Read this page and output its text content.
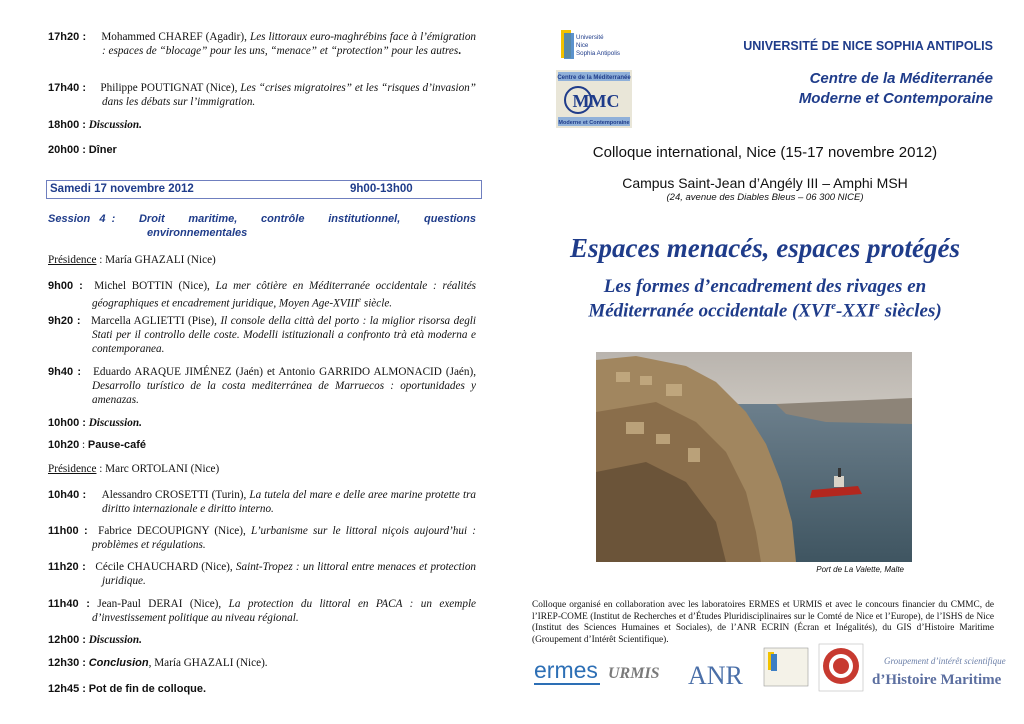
17h20 : Mohammed CHAREF (Agadir), Les littoraux euro-maghrébins face à l’émigration : espaces de “blocage” pour les uns, “menace” et “protection” pour les autres.
17h40 : Philippe POUTIGNAT (Nice), Les “crises migratoires” et les “risques d’invasion” dans les débats sur l’immigration.
18h00 : Discussion.
20h00 : Dîner
Samedi 17 novembre 2012	9h00-13h00
Session   4  : Droit maritime, contrôle institutionnel, questions
environnementales
Présidence : María GHAZALI (Nice)
9h00 : Michel BOTTIN (Nice), La mer côtière en Méditerranée occidentale : réalités géographiques et encadrement juridique, Moyen Age-XVIIIe siècle.
9h20 : Marcella AGLIETTI (Pise), Il console della città del porto : la miglior risorsa degli Stati per il controllo delle coste. Modelli istituzionali a confronto trà età moderna e contemporanea.
9h40 : Eduardo ARAQUE JIMÉNEZ (Jaén) et Antonio GARRIDO ALMONACID (Jaén), Desarrollo turístico de la costa mediterránea de Marruecos : oportunidades y amenazas.
10h00 : Discussion.
10h20 : Pause-café
Présidence : Marc ORTOLANI (Nice)
10h40 : Alessandro CROSETTI (Turin), La tutela del mare e delle aree marine protette tra diritto internazionale e diritto interno.
11h00 : Fabrice DECOUPIGNY (Nice), L’urbanisme sur le littoral niçois aujourd’hui : problèmes et régulations.
11h20 : Cécile CHAUCHARD (Nice), Saint-Tropez : un littoral entre menaces et protection juridique.
11h40 : Jean-Paul DERAI (Nice), La protection du littoral en PACA : un exemple d’investissement politique au niveau régional.
12h00 : Discussion.
12h30 : Conclusion, María GHAZALI (Nice).
12h45 : Pot de fin de colloque.
Université
Nice
Sophia Antipolis
Centre de la Méditerranée
MMC
Moderne et Contemporaine
UNIVERSITÉ DE NICE SOPHIA ANTIPOLIS
Centre de la Méditerranée
Moderne et Contemporaine
Colloque international, Nice (15-17 novembre 2012)
Campus Saint-Jean d’Angély III – Amphi MSH
(24, avenue des Diables Bleus – 06 300 NICE)
Espaces menacés, espaces protégés
Les formes d’encadrement des rivages en
Méditerranée occidentale (XVIe-XXIe siècles)
Port de La Valette, Malte
Colloque organisé en collaboration avec les laboratoires ERMES et URMIS et avec le concours financier du CMMC, de l’IREP-COME (Institut de Recherches et d’Études Pluridisciplinaires sur le Comté de Nice et l’Europe), de l’ISHS de Nice (Institut des Sciences Humaines et Sociales), de l’ANR ECRIN (Écran et Inégalités), du GIS d’Histoire Maritime (Groupement d’Intérêt Scientifique).
ermes URMIS ANR	Groupement d’intérêt scientifique
d’Histoire Maritime
